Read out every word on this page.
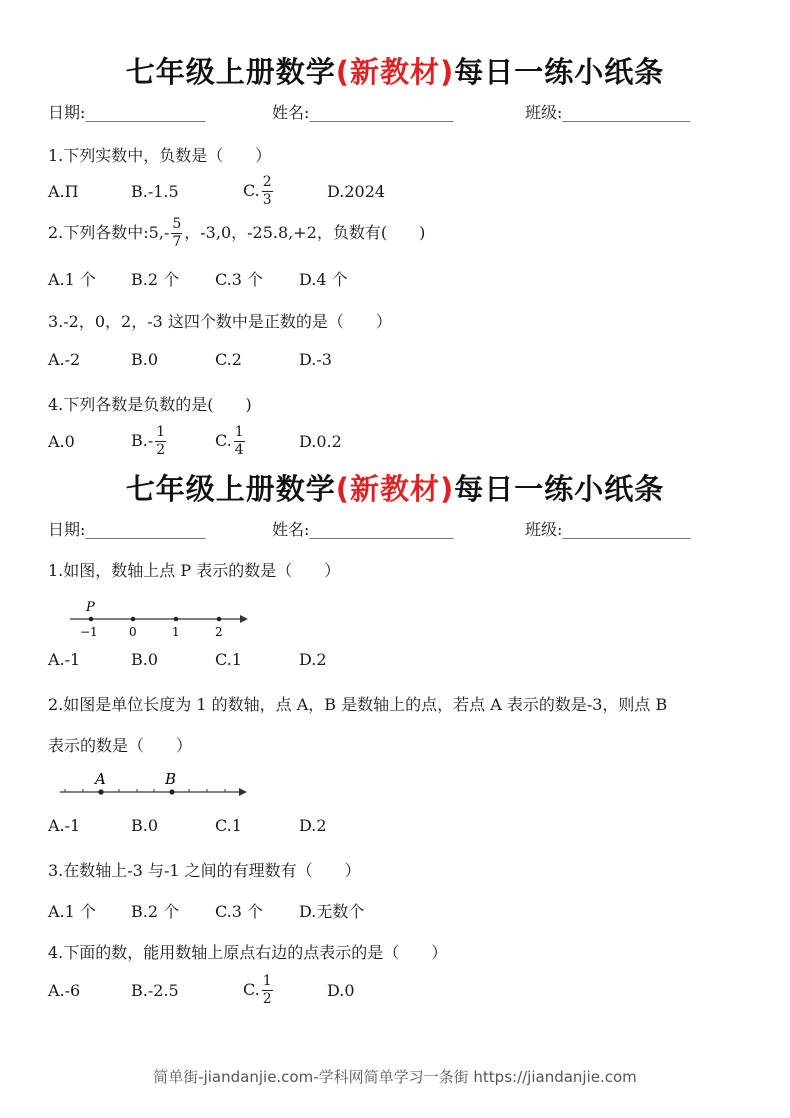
七年级上册数学(新教材)每日一练小纸条
日期:_______________	姓名:__________________	班级:________________
1.下列实数中，负数是（　　）
A.Π	B.-1.5	C. $\frac{2}{3}$	D.2024
2.下列各数中:5,- $\frac{5}{7}$ ，-3,0，-25.8,+2，负数有(　　)
A.1 个 B.2 个 C.3 个 D.4 个
3.-2，0，2，-3 这四个数中是正数的是（　　）
A.-2	B.0	C.2	D.-3
4.下列各数是负数的是(　　)
A.0	$B.- \frac{1}{2}$	C. $\frac{1}{4}$	D.0.2
七年级上册数学(新教材)每日一练小纸条
日期:_______________	姓名:__________________	班级:________________
1.如图，数轴上点 P 表示的数是（　　）
P
−1	0	1	2
A.-1	B.0	C.1	D.2
2.如图是单位长度为 1 的数轴，点 A，B 是数轴上的点，若点 A 表示的数是-3，则点 B
表示的数是（　　）
A	B
A.-1	B.0	C.1	D.2
3.在数轴上-3 与-1 之间的有理数有（　　）
A.1 个 B.2 个 C.3 个 D.无数个
4.下面的数，能用数轴上原点右边的点表示的是（　　）
A.-6	B.-2.5	C. $\frac{1}{2}$	D.0
简单街-jiandanjie.com-学科网简单学习一条街 https://jiandanjie.com
